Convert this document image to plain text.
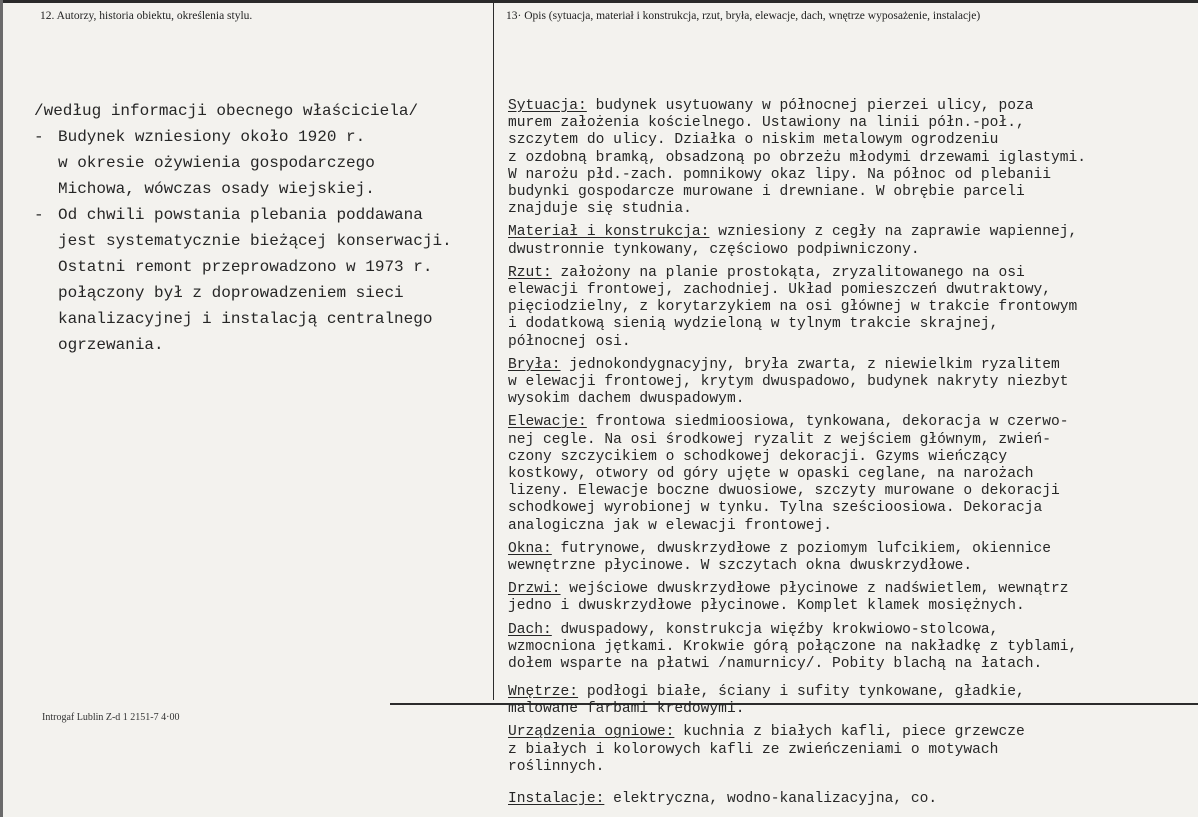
12. Autorzy, historia obiektu, określenia stylu.	13· Opis (sytuacja, materiał i konstrukcja, rzut, bryła, elewacje, dach, wnętrze wyposażenie, instalacje)
/według informacji obecnego właściciela/
- Budynek wzniesiony około 1920 r.
w okresie ożywienia gospodarczego
Michowa, wówczas osady wiejskiej.
- Od chwili powstania plebania poddawana
jest systematycznie bieżącej konserwacji.
Ostatni remont przeprowadzono w 1973 r.
połączony był z doprowadzeniem sieci
kanalizacyjnej i instalacją centralnego
ogrzewania.
Sytuacja: budynek usytuowany w północnej pierzei ulicy, poza
murem założenia kościelnego. Ustawiony na linii półn.-poł.,
szczytem do ulicy. Działka o niskim metalowym ogrodzeniu
z ozdobną bramką, obsadzoną po obrzeżu młodymi drzewami iglastymi.
W narożu płd.-zach. pomnikowy okaz lipy. Na północ od plebanii
budynki gospodarcze murowane i drewniane. W obrębie parceli
znajduje się studnia.
Materiał i konstrukcja: wzniesiony z cegły na zaprawie wapiennej,
dwustronnie tynkowany, częściowo podpiwniczony.
Rzut: założony na planie prostokąta, zryzalitowanego na osi
elewacji frontowej, zachodniej. Układ pomieszczeń dwutraktowy,
pięciodzielny, z korytarzykiem na osi głównej w trakcie frontowym
i dodatkową sienią wydzieloną w tylnym trakcie skrajnej,
północnej osi.
Bryła: jednokondygnacyjny, bryła zwarta, z niewielkim ryzalitem
w elewacji frontowej, krytym dwuspadowo, budynek nakryty niezbyt
wysokim dachem dwuspadowym.
Elewacje: frontowa siedmioosiowa, tynkowana, dekoracja w czerwo-
nej cegle. Na osi środkowej ryzalit z wejściem głównym, zwień-
czony szczycikiem o schodkowej dekoracji. Gzyms wieńczący
kostkowy, otwory od góry ujęte w opaski ceglane, na narożach
lizeny. Elewacje boczne dwuosiowe, szczyty murowane o dekoracji
schodkowej wyrobionej w tynku. Tylna sześcioosiowa. Dekoracja
analogiczna jak w elewacji frontowej.
Okna: futrynowe, dwuskrzydłowe z poziomym lufcikiem, okiennice
wewnętrzne płycinowe. W szczytach okna dwuskrzydłowe.
Drzwi: wejściowe dwuskrzydłowe płycinowe z nadświetlem, wewnątrz
jedno i dwuskrzydłowe płycinowe. Komplet klamek mosiężnych.
Dach: dwuspadowy, konstrukcja więźby krokwiowo-stolcowa,
wzmocniona jętkami. Krokwie górą połączone na nakładkę z tyblami,
dołem wsparte na płatwi /namurnicy/. Pobity blachą na łatach.
Introgaf Lublin Z-d 1 2151-7 4·00
Wnętrze: podłogi białe, ściany i sufity tynkowane, gładkie,
malowane farbami kredowymi.
Urządzenia ogniowe: kuchnia z białych kafli, piece grzewcze
z białych i kolorowych kafli ze zwieńczeniami o motywach
roślinnych.
Instalacje: elektryczna, wodno-kanalizacyjna, co.
